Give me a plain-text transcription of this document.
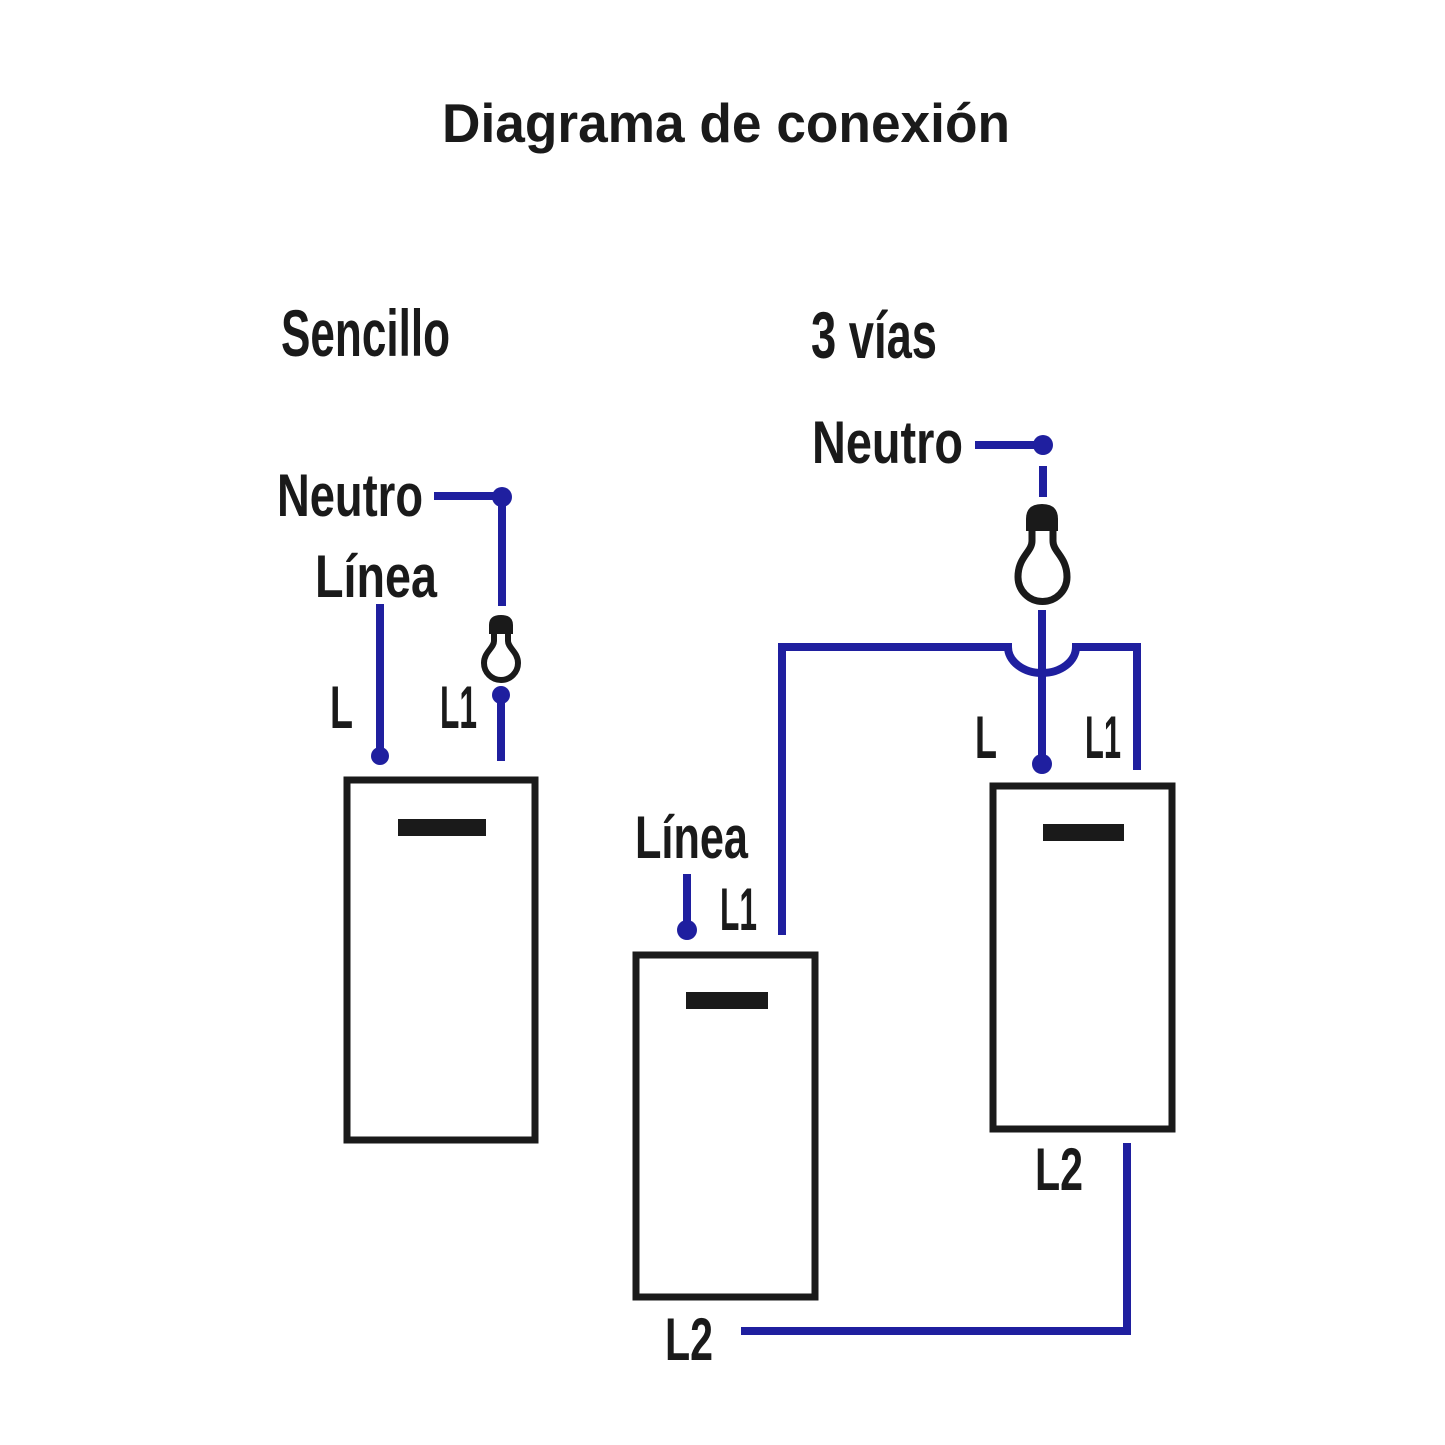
Diagrama de conexión
Sencillo
Neutro
Línea
L L1
3 vías
Neutro
Línea
L1
L L1
L2
L2
